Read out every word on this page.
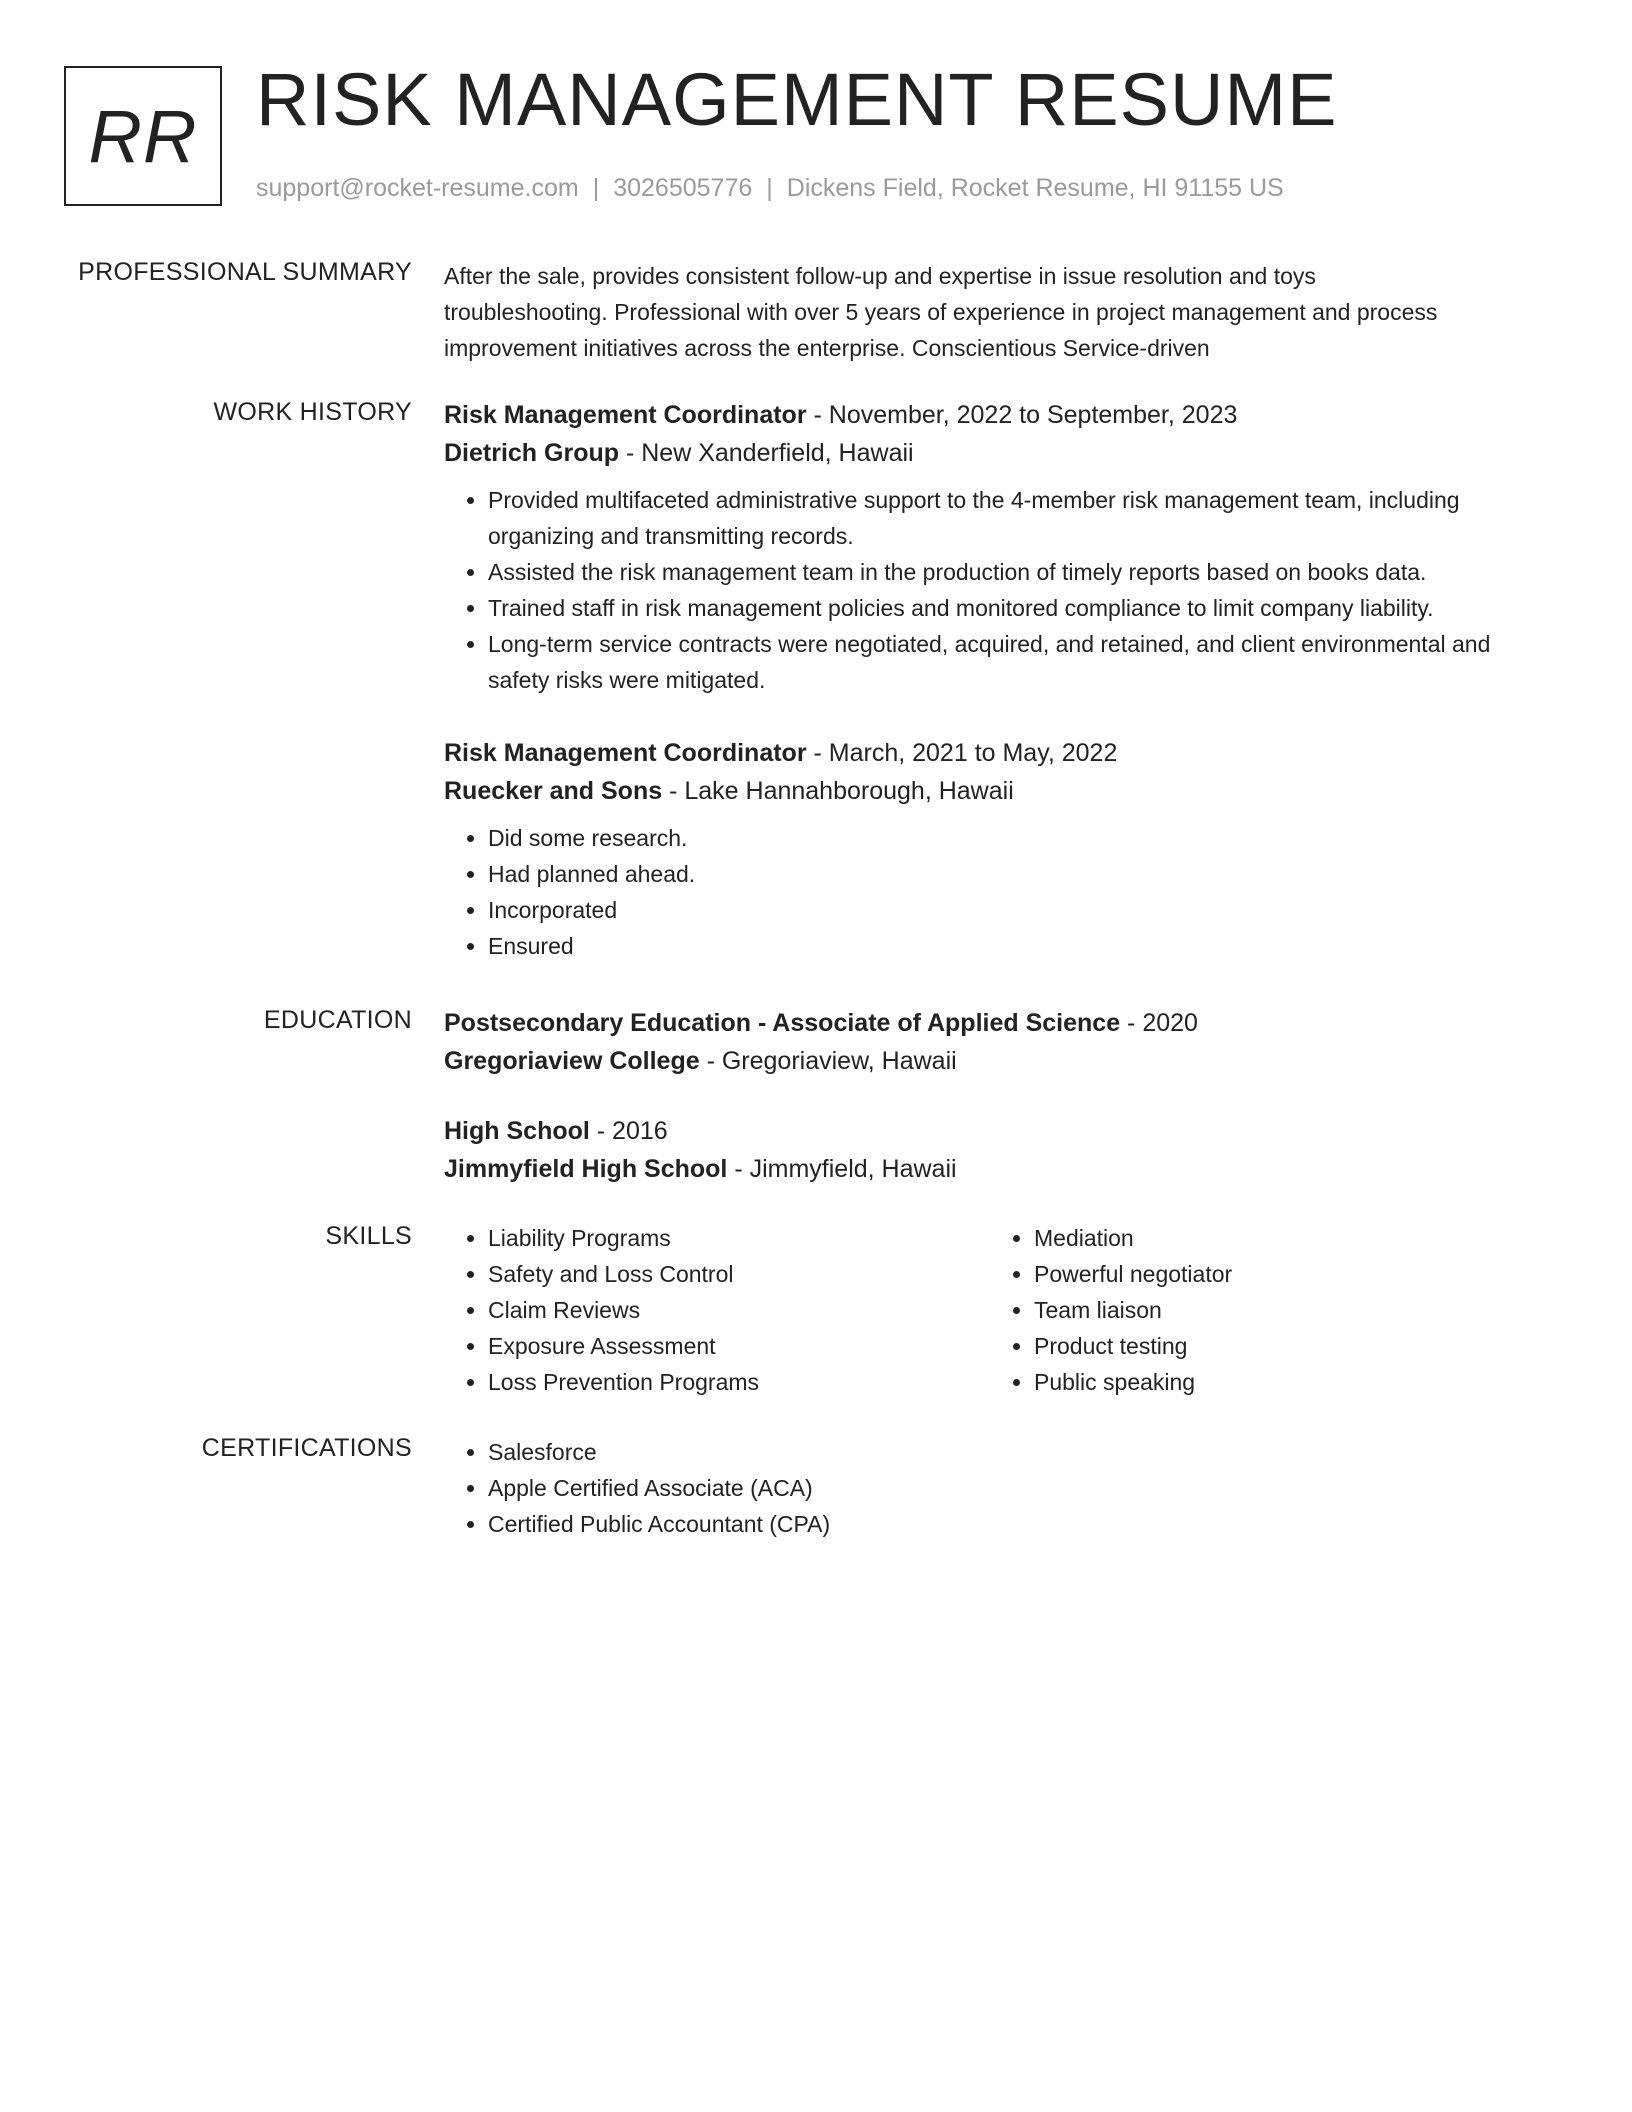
RR RISK MANAGEMENT RESUME
support@rocket-resume.com | 3026505776 | Dickens Field, Rocket Resume, HI 91155 US
PROFESSIONAL SUMMARY After the sale, provides consistent follow-up and expertise in issue resolution and toys
troubleshooting. Professional with over 5 years of experience in project management and process
improvement initiatives across the enterprise. Conscientious Service-driven
WORK HISTORY Risk Management Coordinator - November, 2022 to September, 2023
Dietrich Group - New Xanderfield, Hawaii
• Provided multifaceted administrative support to the 4-member risk management team, including organizing and transmitting records.
• Assisted the risk management team in the production of timely reports based on books data.
• Trained staff in risk management policies and monitored compliance to limit company liability.
• Long-term service contracts were negotiated, acquired, and retained, and client environmental and safety risks were mitigated.
Risk Management Coordinator - March, 2021 to May, 2022
Ruecker and Sons - Lake Hannahborough, Hawaii
• Did some research.
• Had planned ahead.
• Incorporated
• Ensured
EDUCATION Postsecondary Education - Associate of Applied Science - 2020
Gregoriaview College - Gregoriaview, Hawaii
High School - 2016
Jimmyfield High School - Jimmyfield, Hawaii
SKILLS	• Liability Programs
• Safety and Loss Control
• Claim Reviews
• Exposure Assessment
• Loss Prevention Programs
• Mediation
• Powerful negotiator
• Team liaison
• Product testing
• Public speaking
CERTIFICATIONS	• Salesforce
• Apple Certified Associate (ACA)
• Certified Public Accountant (CPA)
